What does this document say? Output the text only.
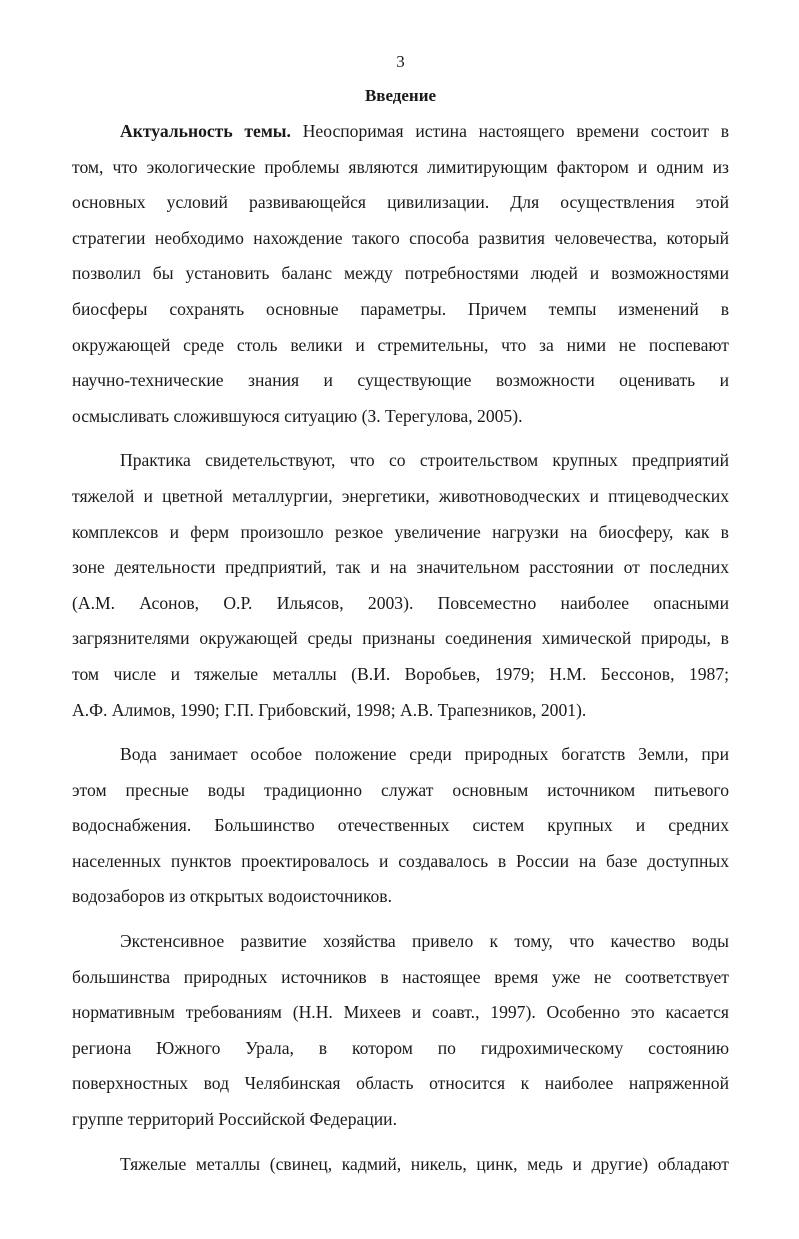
3
Введение
Актуальность темы. Неоспоримая истина настоящего времени состоит в
том, что экологические проблемы являются лимитирующим фактором и одним из
основных условий развивающейся цивилизации. Для осуществления этой
стратегии необходимо нахождение такого способа развития человечества, который
позволил бы установить баланс между потребностями людей и возможностями
биосферы сохранять основные параметры. Причем темпы изменений в
окружающей среде столь велики и стремительны, что за ними не поспевают
научно-технические знания и существующие возможности оценивать и
осмысливать сложившуюся ситуацию (З. Терегулова, 2005).
Практика свидетельствуют, что со строительством крупных предприятий
тяжелой и цветной металлургии, энергетики, животноводческих и птицеводческих
комплексов и ферм произошло резкое увеличение нагрузки на биосферу, как в
зоне деятельности предприятий, так и на значительном расстоянии от последних
(А.М. Асонов, О.Р. Ильясов, 2003). Повсеместно наиболее опасными
загрязнителями окружающей среды признаны соединения химической природы, в
том числе и тяжелые металлы (В.И. Воробьев, 1979; Н.М. Бессонов, 1987;
А.Ф. Алимов, 1990; Г.П. Грибовский, 1998; А.В. Трапезников, 2001).
Вода занимает особое положение среди природных богатств Земли, при
этом пресные воды традиционно служат основным источником питьевого
водоснабжения. Большинство отечественных систем крупных и средних
населенных пунктов проектировалось и создавалось в России на базе доступных
водозаборов из открытых водоисточников.
Экстенсивное развитие хозяйства привело к тому, что качество воды
большинства природных источников в настоящее время уже не соответствует
нормативным требованиям (Н.Н. Михеев и соавт., 1997). Особенно это касается
региона Южного Урала, в котором по гидрохимическому состоянию
поверхностных вод Челябинская область относится к наиболее напряженной
группе территорий Российской Федерации.
Тяжелые металлы (свинец, кадмий, никель, цинк, медь и другие) обладают
